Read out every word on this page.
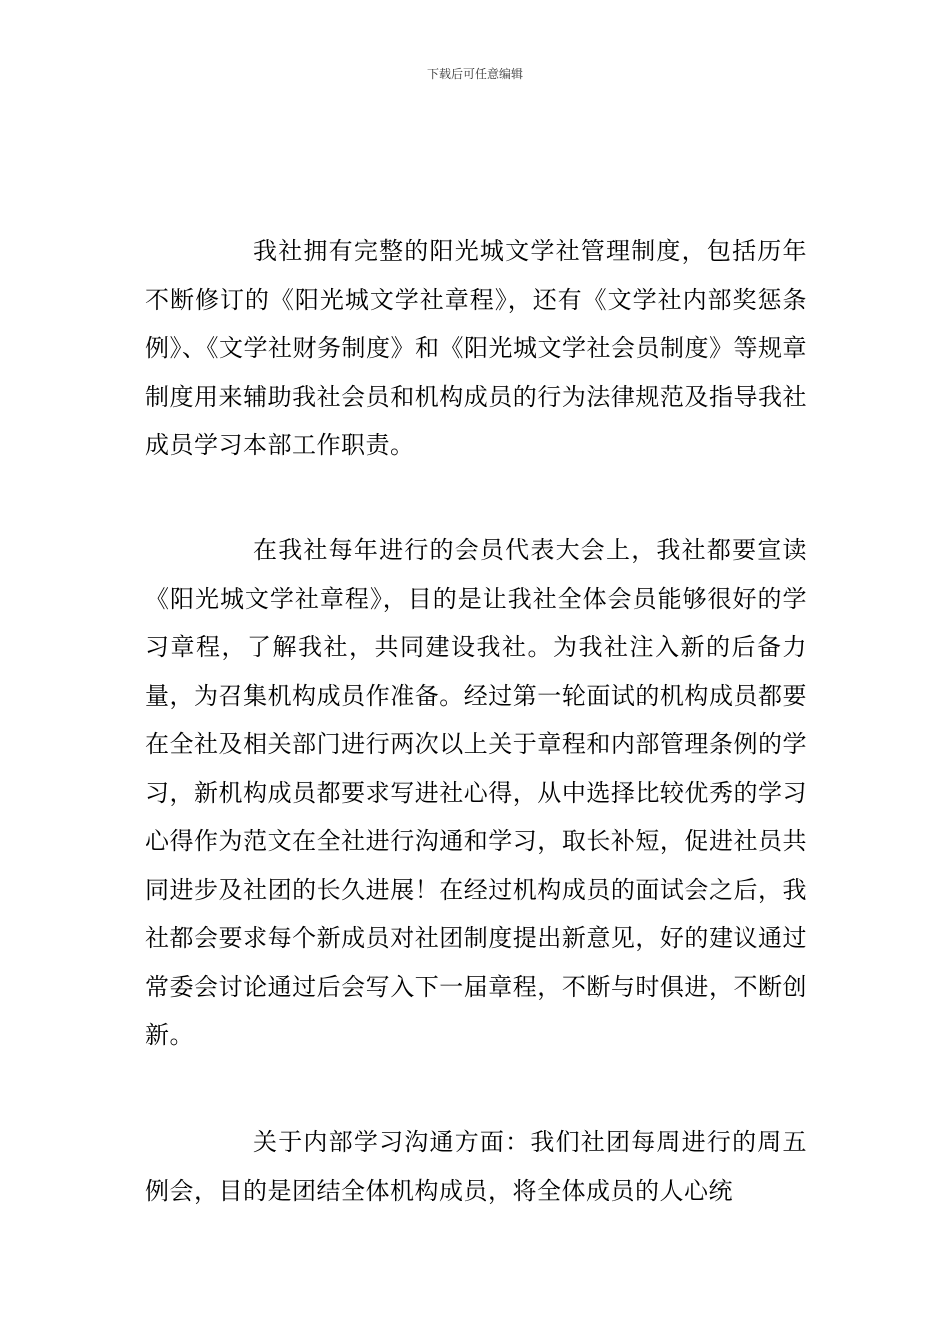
下载后可任意编辑

我社拥有完整的阳光城文学社管理制度，包括历年不断修订的《阳光城文学社章程》，还有《文学社内部奖惩条例》、《文学社财务制度》和《阳光城文学社会员制度》等规章制度用来辅助我社会员和机构成员的行为法律规范及指导我社成员学习本部工作职责。

在我社每年进行的会员代表大会上，我社都要宣读《阳光城文学社章程》，目的是让我社全体会员能够很好的学习章程，了解我社，共同建设我社。为我社注入新的后备力量，为召集机构成员作准备。经过第一轮面试的机构成员都要在全社及相关部门进行两次以上关于章程和内部管理条例的学习，新机构成员都要求写进社心得，从中选择比较优秀的学习心得作为范文在全社进行沟通和学习，取长补短，促进社员共同进步及社团的长久进展！在经过机构成员的面试会之后，我社都会要求每个新成员对社团制度提出新意见，好的建议通过常委会讨论通过后会写入下一届章程，不断与时俱进，不断创新。

关于内部学习沟通方面：我们社团每周进行的周五例会，目的是团结全体机构成员，将全体成员的人心统
